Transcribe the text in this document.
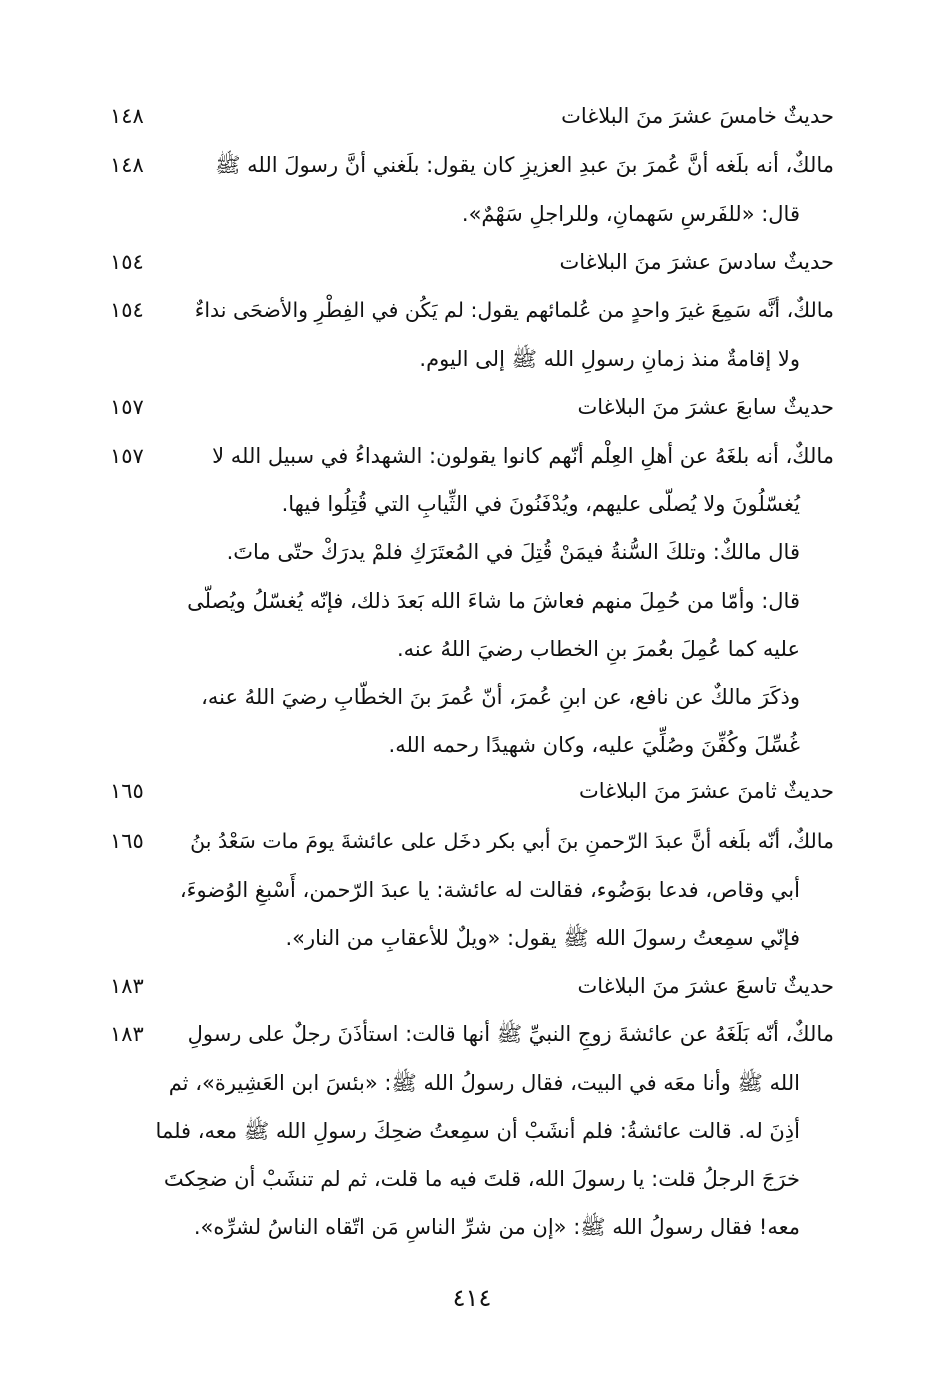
حديثٌ خامسَ عشرَ منَ البلاغات
١٤٨
مالكٌ، أنه بلَغه أنَّ عُمرَ بنَ عبدِ العزيزِ كان يقول: بلَغني أنَّ رسولَ الله ﷺ
١٤٨
قال: «للفَرسِ سَهمانِ، وللراجلِ سَهْمٌ».
حديثٌ سادسَ عشرَ منَ البلاغات
١٥٤
مالكٌ، أنَّه سَمِعَ غيرَ واحدٍ من عُلمائهم يقول: لم يَكُن في الفِطْرِ والأضحَى نداءٌ
١٥٤
ولا إقامةٌ منذ زمانِ رسولِ الله ﷺ إلى اليوم.
حديثٌ سابعَ عشرَ منَ البلاغات
١٥٧
مالكٌ، أنه بلغَهُ عن أهلِ العِلْم أنّهم كانوا يقولون: الشهداءُ في سبيل الله لا
١٥٧
يُغسّلُونَ ولا يُصلّى عليهم، ويُدْفَنُونَ في الثِّيابِ التي قُتِلُوا فيها.
قال مالكٌ: وتلكَ السُّنةُ فيمَنْ قُتِلَ في المُعتَرَكِ فلمْ يدرَكْ حتّى ماتَ.
قال: وأمّا من حُمِلَ منهم فعاشَ ما شاءَ الله بَعدَ ذلك، فإنّه يُغسّلُ ويُصلّى
عليه كما عُمِلَ بعُمرَ بنِ الخطاب رضيَ اللهُ عنه.
وذكَرَ مالكٌ عن نافع، عن ابنِ عُمرَ، أنّ عُمرَ بنَ الخطّابِ رضيَ اللهُ عنه،
غُسِّلَ وكُفِّنَ وصُلِّيَ عليه، وكان شهيدًا رحمه الله.
حديثٌ ثامنَ عشرَ منَ البلاغات
١٦٥
مالكٌ، أنّه بلَغه أنَّ عبدَ الرّحمنِ بنَ أبي بكر دخَل على عائشةَ يومَ مات سَعْدُ بنُ
١٦٥
أبي وقاص، فدعا بوَضُوء، فقالت له عائشة: يا عبدَ الرّحمن، أَسْبغِ الوُضوءَ،
فإنّي سمِعتُ رسولَ الله ﷺ يقول: «ويلٌ للأعقابِ من النار».
حديثٌ تاسعَ عشرَ منَ البلاغات
١٨٣
مالكٌ، أنّه بَلَغَهُ عن عائشةَ زوجِ النبيِّ ﷺ أنها قالت: استأذَنَ رجلٌ على رسولِ
١٨٣
الله ﷺ وأنا معَه في البيت، فقال رسولُ الله ﷺ: «بئسَ ابن العَشِيرة»، ثم
أذِنَ له. قالت عائشةُ: فلم أنشَبْ أن سمِعتُ ضحِكَ رسولِ الله ﷺ معه، فلما
خرَجَ الرجلُ قلت: يا رسولَ الله، قلتَ فيه ما قلت، ثم لم تنشَبْ أن ضحِكتَ
معه! فقال رسولُ الله ﷺ: «إن من شرِّ الناسِ مَن اتّقاه الناسُ لشرِّه».
٤١٤
